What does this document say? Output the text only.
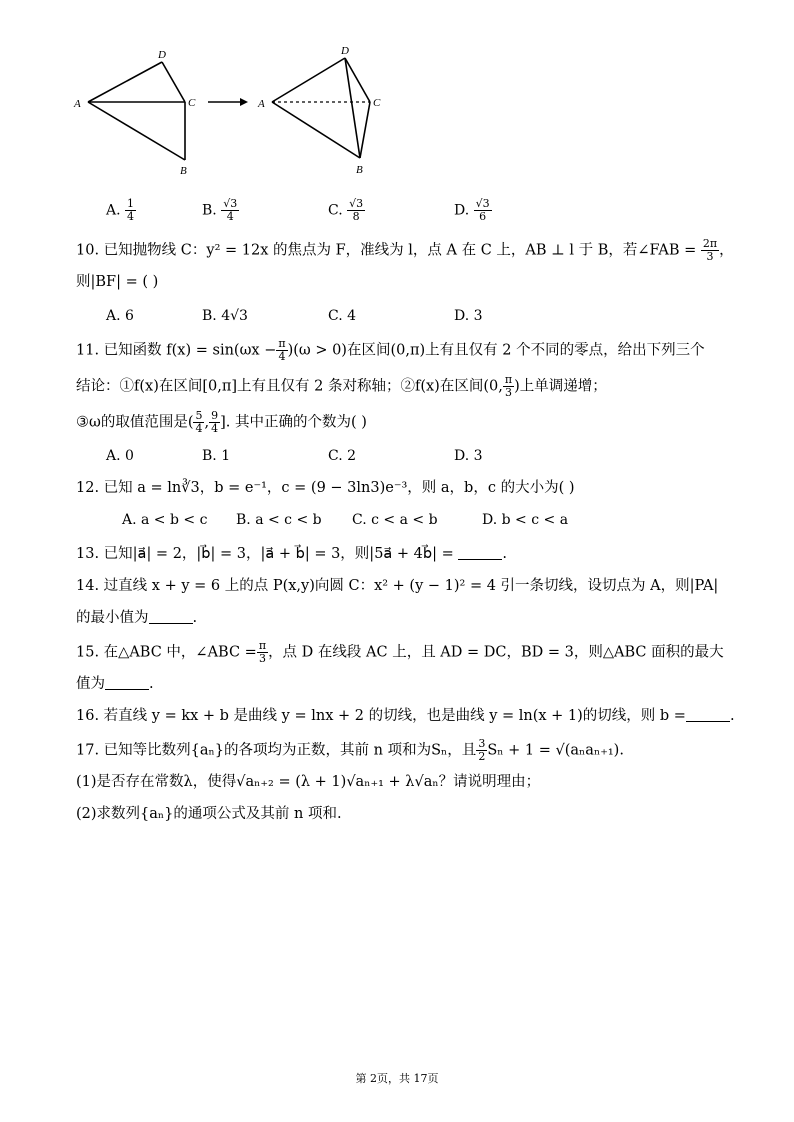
D
A	C
B
D
A	C
B
A. $\frac{1}{4}$	B. $\frac{√3}{4}$	C. $\frac{√3}{8}$	D. $\frac{√3}{6}$
10. 已知抛物线 C：y² = 12x 的焦点为 F，准线为 l，点 A 在 C 上，AB ⊥ l 于 B，若∠FAB = $\frac{2\pi}{3}$ ，
则|BF| = ( )
A. 6	B. 4√3	C. 4	D. 3
11. 已知函数 $f(x) = \sin(\omega x - \frac{\pi}{4} )(\omega > 0)$在区间(0,π)上有且仅有 2 个不同的零点，给出下列三个
结论：①f(x)在区间[0,π]上有且仅有 2 条对称轴；②f(x)在区间(0, $\frac{\pi}{3}$ )上单调递增；
③ω的取值范围是( $\frac{5}{4}$ , $\frac{9}{4}$ ]. 其中正确的个数为( )
A. 0	B. 1	C. 2	D. 3
12. 已知 a = ln∛3，b = e⁻¹，c = (9 − 3ln3)e⁻³，则 a，b，c 的大小为( )
A. a < b < c B. a < c < b C. c < a < b	D. b < c < a
13. 已知|a⃗| = 2，|b⃗| = 3，|a⃗ + b⃗| = 3，则|5a⃗ + 4b⃗| =	.
14. 过直线 x + y = 6 上的点 P(x,y)向圆 C：x² + (y − 1)² = 4 引一条切线，设切点为 A，则|PA|
的最小值为	.
15. 在△ABC 中，∠ABC = $\frac{\pi}{3}$ ，点 D 在线段 AC 上，且 AD = DC，BD = 3，则△ABC 面积的最大
值为	.
16. 若直线 y = kx + b 是曲线 y = lnx + 2 的切线，也是曲线 y = ln(x + 1)的切线，则 b =	.
17. 已知等比数列{aₙ}的各项均为正数，其前 n 项和为Sₙ，且 $\frac{3}{2}$ Sₙ + 1 = √(aₙaₙ₊₁).
(1)是否存在常数λ，使得√aₙ₊₂ = (λ + 1)√aₙ₊₁ + λ√aₙ？请说明理由；
(2)求数列{aₙ}的通项公式及其前 n 项和.
第 2页，共 17页
